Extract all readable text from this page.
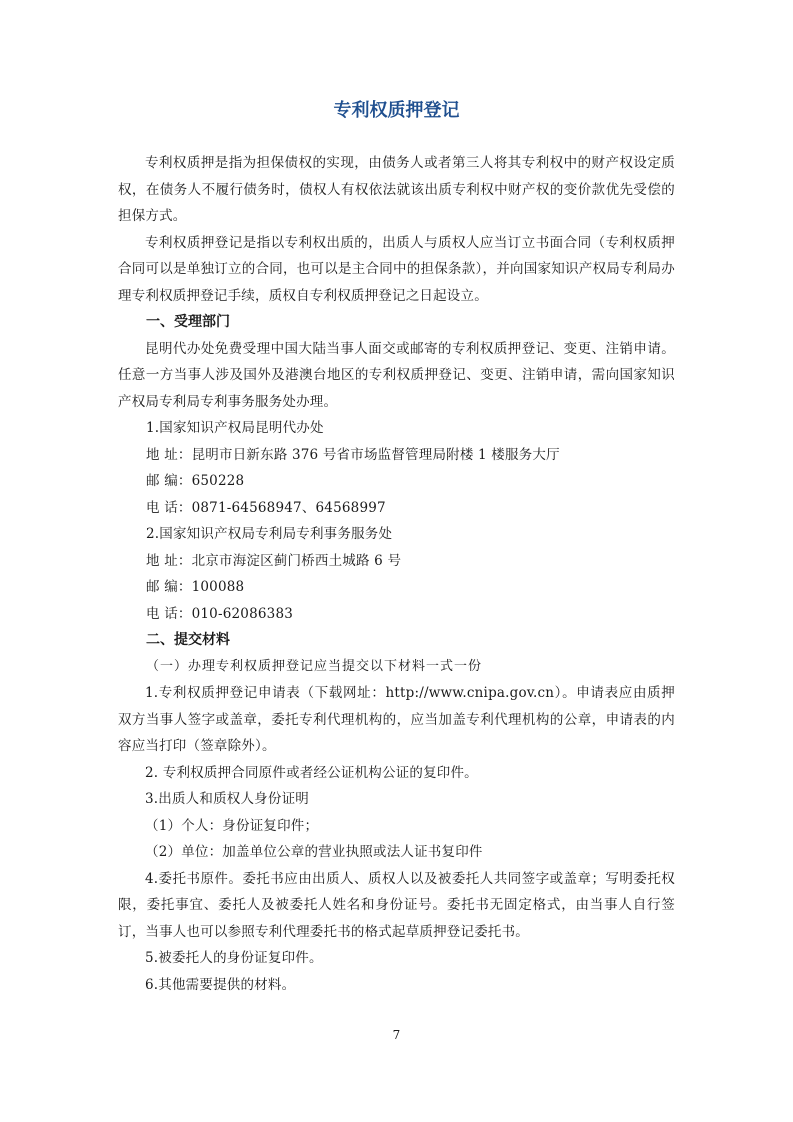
专利权质押登记

专利权质押是指为担保债权的实现，由债务人或者第三人将其专利权中的财产权设定质权，在债务人不履行债务时，债权人有权依法就该出质专利权中财产权的变价款优先受偿的担保方式。

专利权质押登记是指以专利权出质的，出质人与质权人应当订立书面合同（专利权质押合同可以是单独订立的合同，也可以是主合同中的担保条款），并向国家知识产权局专利局办理专利权质押登记手续，质权自专利权质押登记之日起设立。

一、受理部门

昆明代办处免费受理中国大陆当事人面交或邮寄的专利权质押登记、变更、注销申请。任意一方当事人涉及国外及港澳台地区的专利权质押登记、变更、注销申请，需向国家知识产权局专利局专利事务服务处办理。

1.国家知识产权局昆明代办处

地 址：昆明市日新东路 376 号省市场监督管理局附楼 1 楼服务大厅

邮 编：650228

电 话：0871-64568947、64568997

2.国家知识产权局专利局专利事务服务处

地 址：北京市海淀区蓟门桥西土城路 6 号

邮 编：100088

电 话：010-62086383

二、提交材料

（一）办理专利权质押登记应当提交以下材料一式一份

1.专利权质押登记申请表（下载网址：http://www.cnipa.gov.cn）。申请表应由质押双方当事人签字或盖章，委托专利代理机构的，应当加盖专利代理机构的公章，申请表的内容应当打印（签章除外）。

2. 专利权质押合同原件或者经公证机构公证的复印件。

3.出质人和质权人身份证明

（1）个人：身份证复印件；

（2）单位：加盖单位公章的营业执照或法人证书复印件

4.委托书原件。委托书应由出质人、质权人以及被委托人共同签字或盖章；写明委托权限，委托事宜、委托人及被委托人姓名和身份证号。委托书无固定格式，由当事人自行签订，当事人也可以参照专利代理委托书的格式起草质押登记委托书。

5.被委托人的身份证复印件。

6.其他需要提供的材料。

7
